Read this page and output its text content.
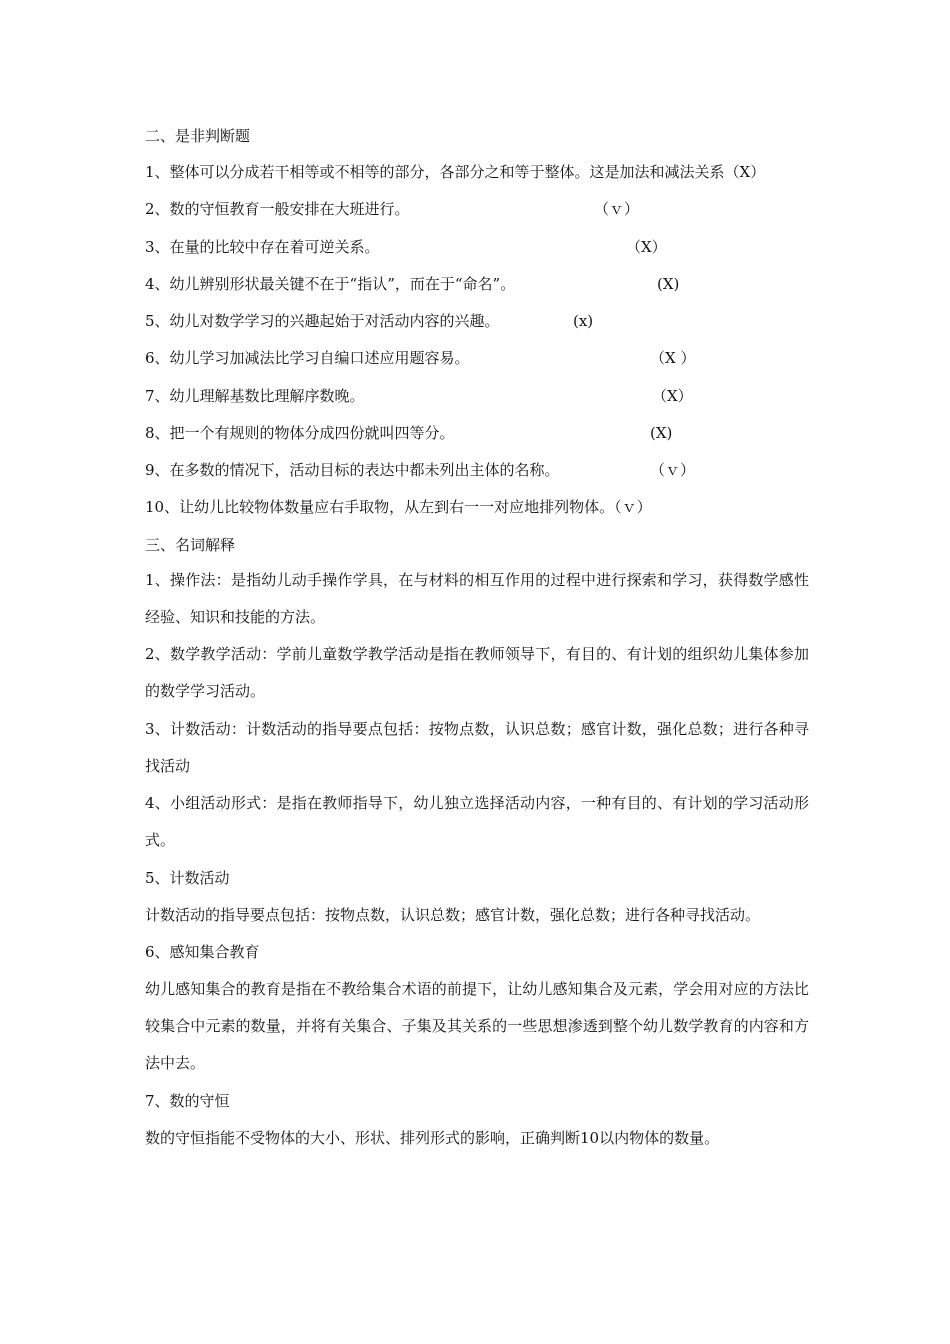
二、是非判断题
1、整体可以分成若干相等或不相等的部分，各部分之和等于整体。这是加法和减法关系（X）
2、数的守恒教育一般安排在大班进行。	（ｖ）
3、在量的比较中存在着可逆关系。	（X）
4、幼儿辨别形状最关键不在于“指认”，而在于“命名”。	(X)
5、幼儿对数学学习的兴趣起始于对活动内容的兴趣。	(x)
6、幼儿学习加减法比学习自编口述应用题容易。	（X ）
7、幼儿理解基数比理解序数晚。	（X）
8、把一个有规则的物体分成四份就叫四等分。	(X)
9、在多数的情况下，活动目标的表达中都未列出主体的名称。	（ｖ）
10、让幼儿比较物体数量应右手取物，从左到右一一对应地排列物体。（ｖ）
三、名词解释
1、操作法：是指幼儿动手操作学具，在与材料的相互作用的过程中进行探索和学习，获得数学感性经验、知识和技能的方法。
2、数学教学活动：学前儿童数学教学活动是指在教师领导下，有目的、有计划的组织幼儿集体参加的数学学习活动。
3、计数活动：计数活动的指导要点包括：按物点数，认识总数；感官计数，强化总数；进行各种寻找活动
4、小组活动形式：是指在教师指导下，幼儿独立选择活动内容，一种有目的、有计划的学习活动形式。
5、计数活动
计数活动的指导要点包括：按物点数，认识总数；感官计数，强化总数；进行各种寻找活动。
6、感知集合教育
幼儿感知集合的教育是指在不教给集合术语的前提下，让幼儿感知集合及元素，学会用对应的方法比较集合中元素的数量，并将有关集合、子集及其关系的一些思想渗透到整个幼儿数学教育的内容和方法中去。
7、数的守恒
数的守恒指能不受物体的大小、形状、排列形式的影响，正确判断10以内物体的数量。
